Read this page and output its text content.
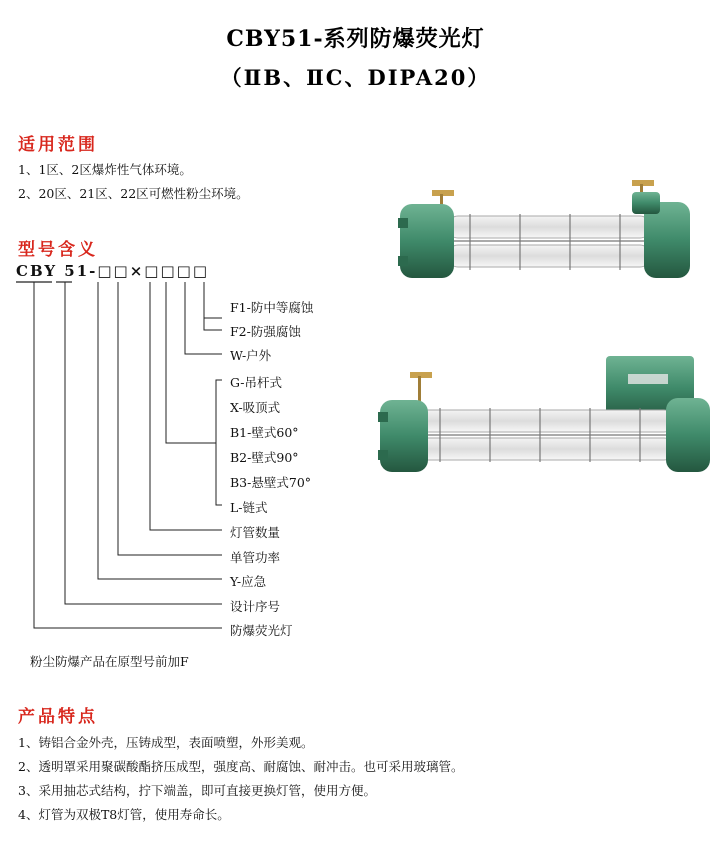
CBY51-系列防爆荧光灯
（ⅡB、ⅡC、DIPA20）
适用范围
1、1区、2区爆炸性气体环境。
2、20区、21区、22区可燃性粉尘环境。
型号含义
CBY 51-□□×□□□□
F1-防中等腐蚀
F2-防强腐蚀
W-户外
G-吊杆式
X-吸顶式
B1-壁式60°
B2-壁式90°
B3-悬壁式70°
L-链式
灯管数量
单管功率
Y-应急
设计序号
防爆荧光灯
粉尘防爆产品在原型号前加F
产品特点
1、铸铝合金外壳，压铸成型，表面喷塑，外形美观。
2、透明罩采用聚碳酸酯挤压成型，强度高、耐腐蚀、耐冲击。也可采用玻璃管。
3、采用抽芯式结构，拧下端盖，即可直接更换灯管，使用方便。
4、灯管为双极T8灯管，使用寿命长。
